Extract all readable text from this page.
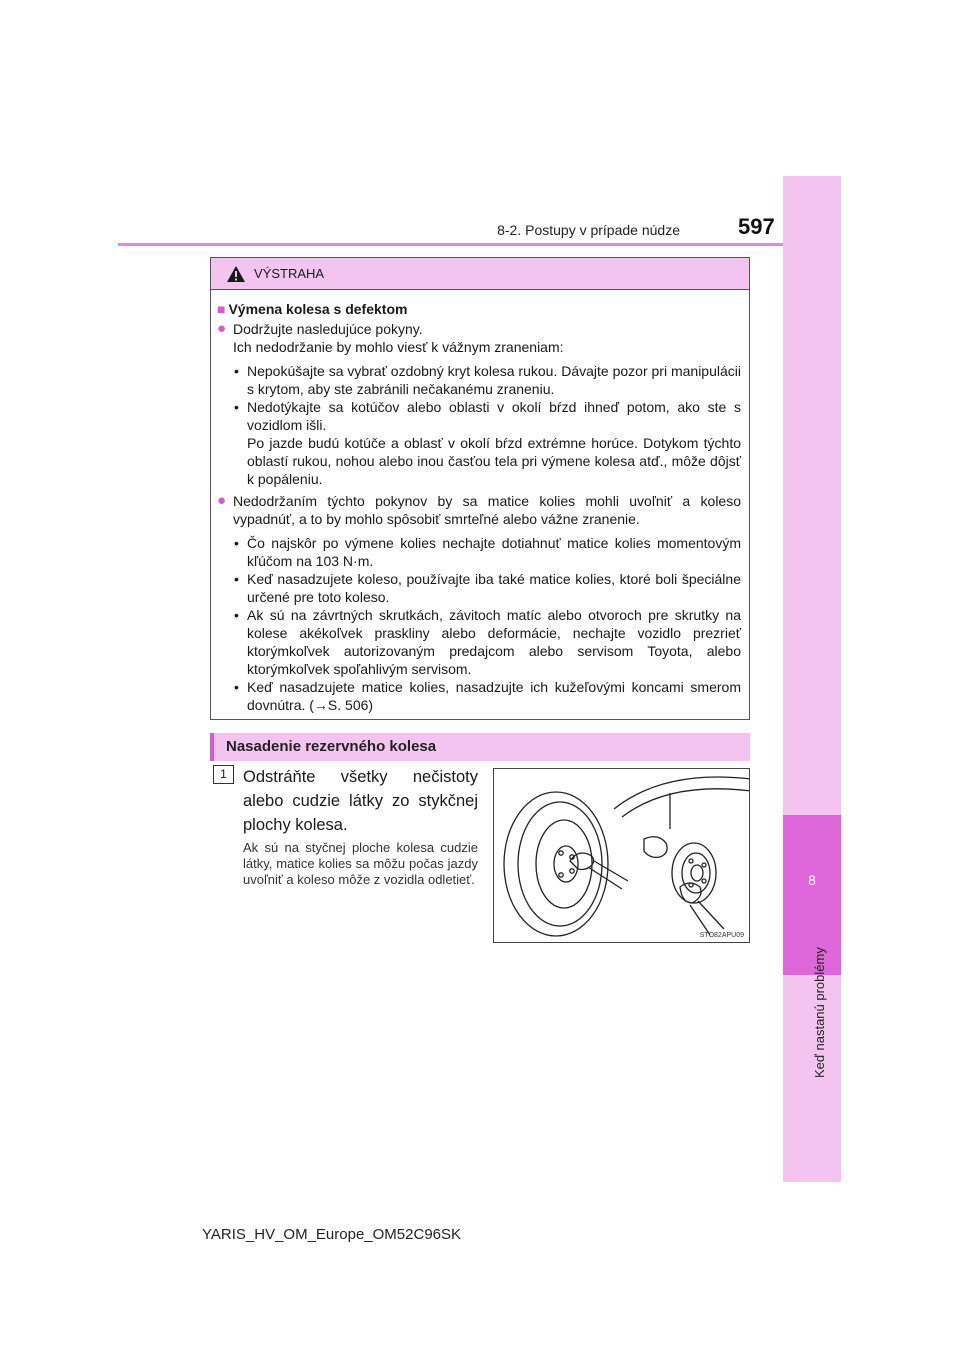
8-2. Postupy v prípade núdze	597
8
Keď nastanú problémy
VÝSTRAHA
■ Výmena kolesa s defektom
● Dodržujte nasledujúce pokyny.
Ich nedodržanie by mohlo viesť k vážnym zraneniam:
• Nepokúšajte sa vybrať ozdobný kryt kolesa rukou. Dávajte pozor pri manipulácii s krytom, aby ste zabránili nečakanému zraneniu.
• Nedotýkajte sa kotúčov alebo oblasti v okolí bŕzd ihneď potom, ako ste s vozidlom išli.
Po jazde budú kotúče a oblasť v okolí bŕzd extrémne horúce. Dotykom týchto oblastí rukou, nohou alebo inou časťou tela pri výmene kolesa atď., môže dôjsť k popáleniu.
● Nedodržaním týchto pokynov by sa matice kolies mohli uvoľniť a koleso vypadnúť, a to by mohlo spôsobiť smrteľné alebo vážne zranenie.
• Čo najskôr po výmene kolies nechajte dotiahnuť matice kolies momentovým kľúčom na 103 N·m.
• Keď nasadzujete koleso, používajte iba také matice kolies, ktoré boli špeciálne určené pre toto koleso.
• Ak sú na závrtných skrutkách, závitoch matíc alebo otvoroch pre skrutky na kolese akékoľvek praskliny alebo deformácie, nechajte vozidlo prezrieť ktorýmkoľvek autorizovaným predajcom alebo servisom Toyota, alebo ktorýmkoľvek spoľahlivým servisom.
• Keď nasadzujete matice kolies, nasadzujte ich kužeľovými koncami smerom dovnútra. (→S. 506)
Nasadenie rezervného kolesa
1 Odstráňte všetky nečistoty alebo cudzie látky zo stykčnej plochy kolesa.
Ak sú na styčnej ploche kolesa cudzie látky, matice kolies sa môžu počas jazdy uvoľniť a koleso môže z vozidla odletieť.
STO82APU09
YARIS_HV_OM_Europe_OM52C96SK
